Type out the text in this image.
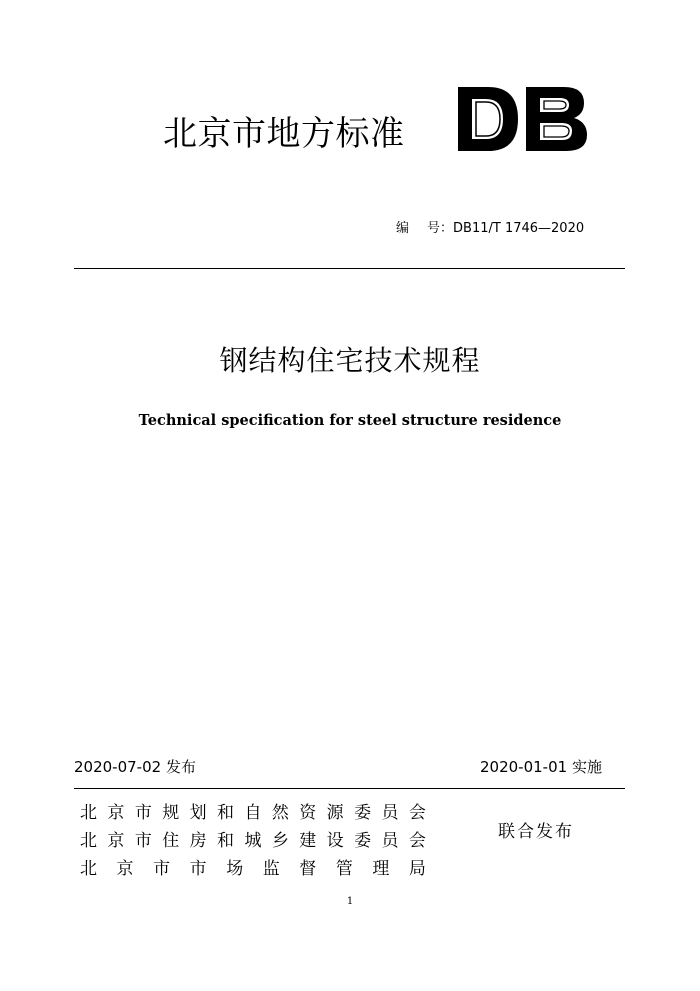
北京市地方标准
DB
编 号：DB11/T 1746—2020
钢结构住宅技术规程
Technical specification for steel structure residence
2020-07-02 发布	2020-01-01 实施
北 京 市 规 划 和 自 然 资 源 委 员 会
北 京 市 住 房 和 城 乡 建 设 委 员 会
北 京 市 市 场 监 督 管 理 局
联合发布
1
